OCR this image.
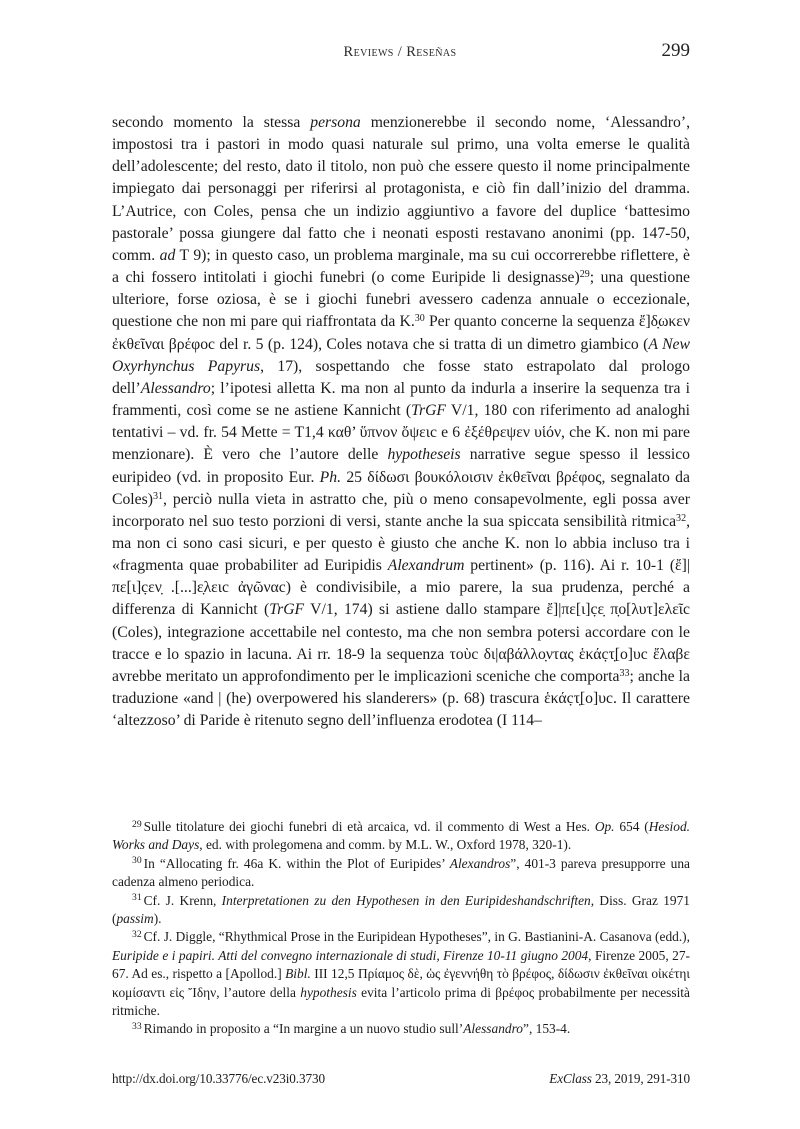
Reviews / Reseñas	299

secondo momento la stessa persona menzionerebbe il secondo nome, ‘Alessandro’, impostosi tra i pastori in modo quasi naturale sul primo, una volta emerse le qualità dell’adolescente; del resto, dato il titolo, non può che essere questo il nome principalmente impiegato dai personaggi per riferirsi al protagonista, e ciò fin dall’inizio del dramma. L’Autrice, con Coles, pensa che un indizio aggiuntivo a favore del duplice ‘battesimo pastorale’ possa giungere dal fatto che i neonati esposti restavano anonimi (pp. 147-50, comm. ad T 9); in questo caso, un problema marginale, ma su cui occorrerebbe riflettere, è a chi fossero intitolati i giochi funebri (o come Euripide li designasse)$^{29}$; una questione ulteriore, forse oziosa, è se i giochi funebri avessero cadenza annuale o eccezionale, questione che non mi pare qui riaffrontata da K.$^{30}$ Per quanto concerne la sequenza ἔ]δ̣ωκεν ἐκθεῖναι βρέφοc del r. 5 (p. 124), Coles notava che si tratta di un dimetro giambico (A New Oxyrhynchus Papyrus, 17), sospettando che fosse stato estrapolato dal prologo dell’Alessandro; l’ipotesi alletta K. ma non al punto da indurla a inserire la sequenza tra i frammenti, così come se ne astiene Kannicht (TrGF V/1, 180 con riferimento ad analoghi tentativi – vd. fr. 54 Mette = T1,4 καθ’ ὕπνον ὄψειc e 6 ἐξέθρεψεν υἱόν, che K. non mi pare menzionare). È vero che l’autore delle hypotheseis narrative segue spesso il lessico euripideo (vd. in proposito Eur. Ph. 25 δίδωσι βουκόλοισιν ἐκθεῖναι βρέφος, segnalato da Coles)$^{31}$, perciò nulla vieta in astratto che, più o meno consapevolmente, egli possa aver incorporato nel suo testo porzioni di versi, stante anche la sua spiccata sensibilità ritmica$^{32}$, ma non ci sono casi sicuri, e per questo è giusto che anche K. non lo abbia incluso tra i «fragmenta quae probabiliter ad Euripidis Alexandrum pertinent» (p. 116). Ai r. 10-1 (ἔ]|πε[ι]c̣εν̣ .[...]ε̣λειc ἀγῶναc) è condivisibile, a mio parere, la sua prudenza, perché a differenza di Kannicht (TrGF V/1, 174) si astiene dallo stampare ἔ]|πε[ι]c̣ε̣ π̣ο[λυτ]ελεῖc (Coles), integrazione accettabile nel contesto, ma che non sembra potersi accordare con le tracce e lo spazio in lacuna. Ai rr. 18-9 la sequenza τοὺc δι|αβάλλο̣ντας ἑκάc̣τ̣[ο]υc ἔλαβε avrebbe meritato un approfondimento per le implicazioni sceniche che comporta$^{33}$; anche la traduzione «and | (he) overpowered his slanderers» (p. 68) trascura ἑκάc̣τ̣[ο]υc. Il carattere ‘altezzoso’ di Paride è ritenuto segno dell’influenza erodotea (I 114–

$^{29}$ Sulle titolature dei giochi funebri di età arcaica, vd. il commento di West a Hes. Op. 654 (Hesiod. Works and Days, ed. with prolegomena and comm. by M.L. W., Oxford 1978, 320-1).

$^{30}$ In “Allocating fr. 46a K. within the Plot of Euripides’ Alexandros”, 401-3 pareva presupporre una cadenza almeno periodica.

$^{31}$ Cf. J. Krenn, Interpretationen zu den Hypothesen in den Euripideshandschriften, Diss. Graz 1971 (passim).

$^{32}$ Cf. J. Diggle, “Rhythmical Prose in the Euripidean Hypotheses”, in G. Bastianini-A. Casanova (edd.), Euripide e i papiri. Atti del convegno internazionale di studi, Firenze 10-11 giugno 2004, Firenze 2005, 27-67. Ad es., rispetto a [Apollod.] Bibl. III 12,5 Πρίαμος δὲ, ὡς ἐγεννήθη τὸ βρέφος, δίδωσιν ἐκθεῖναι οἰκέτηι κομίσαντι εἰς Ἴδην, l’autore della hypothesis evita l’articolo prima di βρέφος probabilmente per necessità ritmiche.

$^{33}$ Rimando in proposito a “In margine a un nuovo studio sull’Alessandro”, 153-4.

http://dx.doi.org/10.33776/ec.v23i0.3730	ExClass 23, 2019, 291-310
